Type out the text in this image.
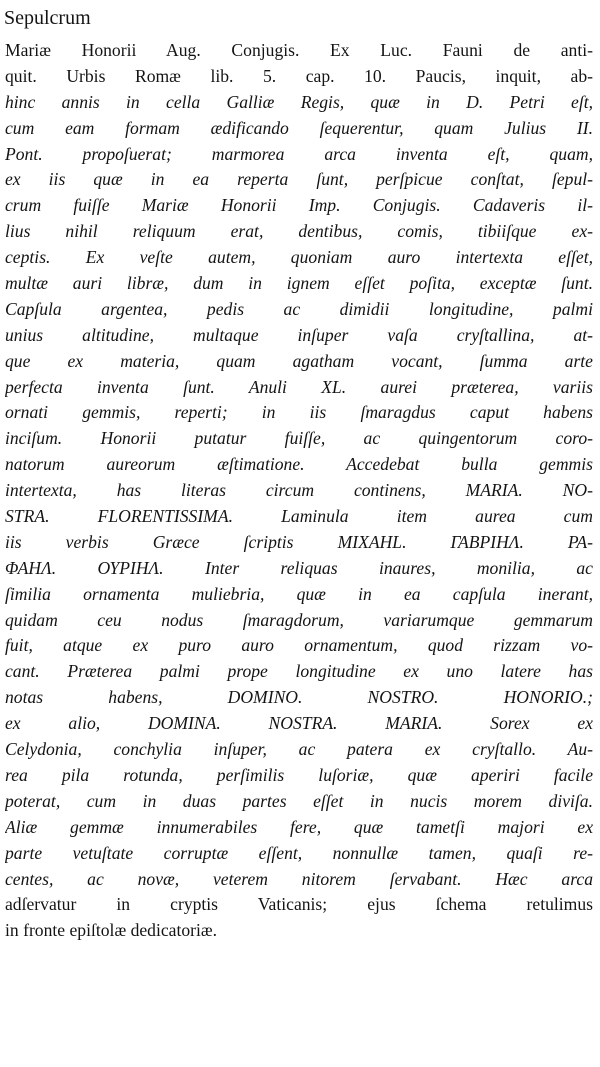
Sepulcrum
Mariæ Honorii Aug. Conjugis. Ex Luc. Fauni de anti-
quit. Urbis Romæ lib. 5. cap. 10. Paucis, inquit, ab-
hinc annis in cella Galliæ Regis, quæ in D. Petri eſt,
cum eam formam ædificando ſequerentur, quam Julius II.
Pont. propoſuerat; marmorea arca inventa eſt, quam,
ex iis quæ in ea reperta ſunt, perſpicue conſtat, ſepul-
crum fuiſſe Mariæ Honorii Imp. Conjugis. Cadaveris il-
lius nihil reliquum erat, dentibus, comis, tibiiſque ex-
ceptis. Ex veſte autem, quoniam auro intertexta eſſet,
multæ auri libræ, dum in ignem eſſet poſita, exceptæ ſunt.
Capſula argentea, pedis ac dimidii longitudine, palmi
unius altitudine, multaque inſuper vaſa cryſtallina, at-
que ex materia, quam agatham vocant, ſumma arte
perfecta inventa ſunt. Anuli XL. aurei præterea, variis
ornati gemmis, reperti; in iis ſmaragdus caput habens
inciſum. Honorii putatur fuiſſe, ac quingentorum coro-
natorum aureorum æſtimatione. Accedebat bulla gemmis
intertexta, has literas circum continens, MARIA. NO-
STRA. FLORENTISSIMA. Laminula item aurea cum
iis verbis Græce ſcriptis MIXAHL. ΓΑΒΡΙΗΛ. ΡΑ-
ΦΑΗΛ. ΟΥΡΙΗΛ. Inter reliquas inaures, monilia, ac
ſimilia ornamenta muliebria, quæ in ea capſula inerant,
quidam ceu nodus ſmaragdorum, variarumque gemmarum
fuit, atque ex puro auro ornamentum, quod rizzam vo-
cant. Præterea palmi prope longitudine ex uno latere has
notas habens, DOMINO. NOSTRO. HONORIO.;
ex alio, DOMINA. NOSTRA. MARIA. Sorex ex
Celydonia, conchylia inſuper, ac patera ex cryſtallo. Au-
rea pila rotunda, perſimilis luſoriæ, quæ aperiri facile
poterat, cum in duas partes eſſet in nucis morem diviſa.
Aliæ gemmæ innumerabiles fere, quæ tametſi majori ex
parte vetuſtate corruptæ eſſent, nonnullæ tamen, quaſi re-
centes, ac novæ, veterem nitorem ſervabant. Hæc arca
adſervatur in cryptis Vaticanis; ejus ſchema retulimus
in fronte epiſtolæ dedicatoriæ.
